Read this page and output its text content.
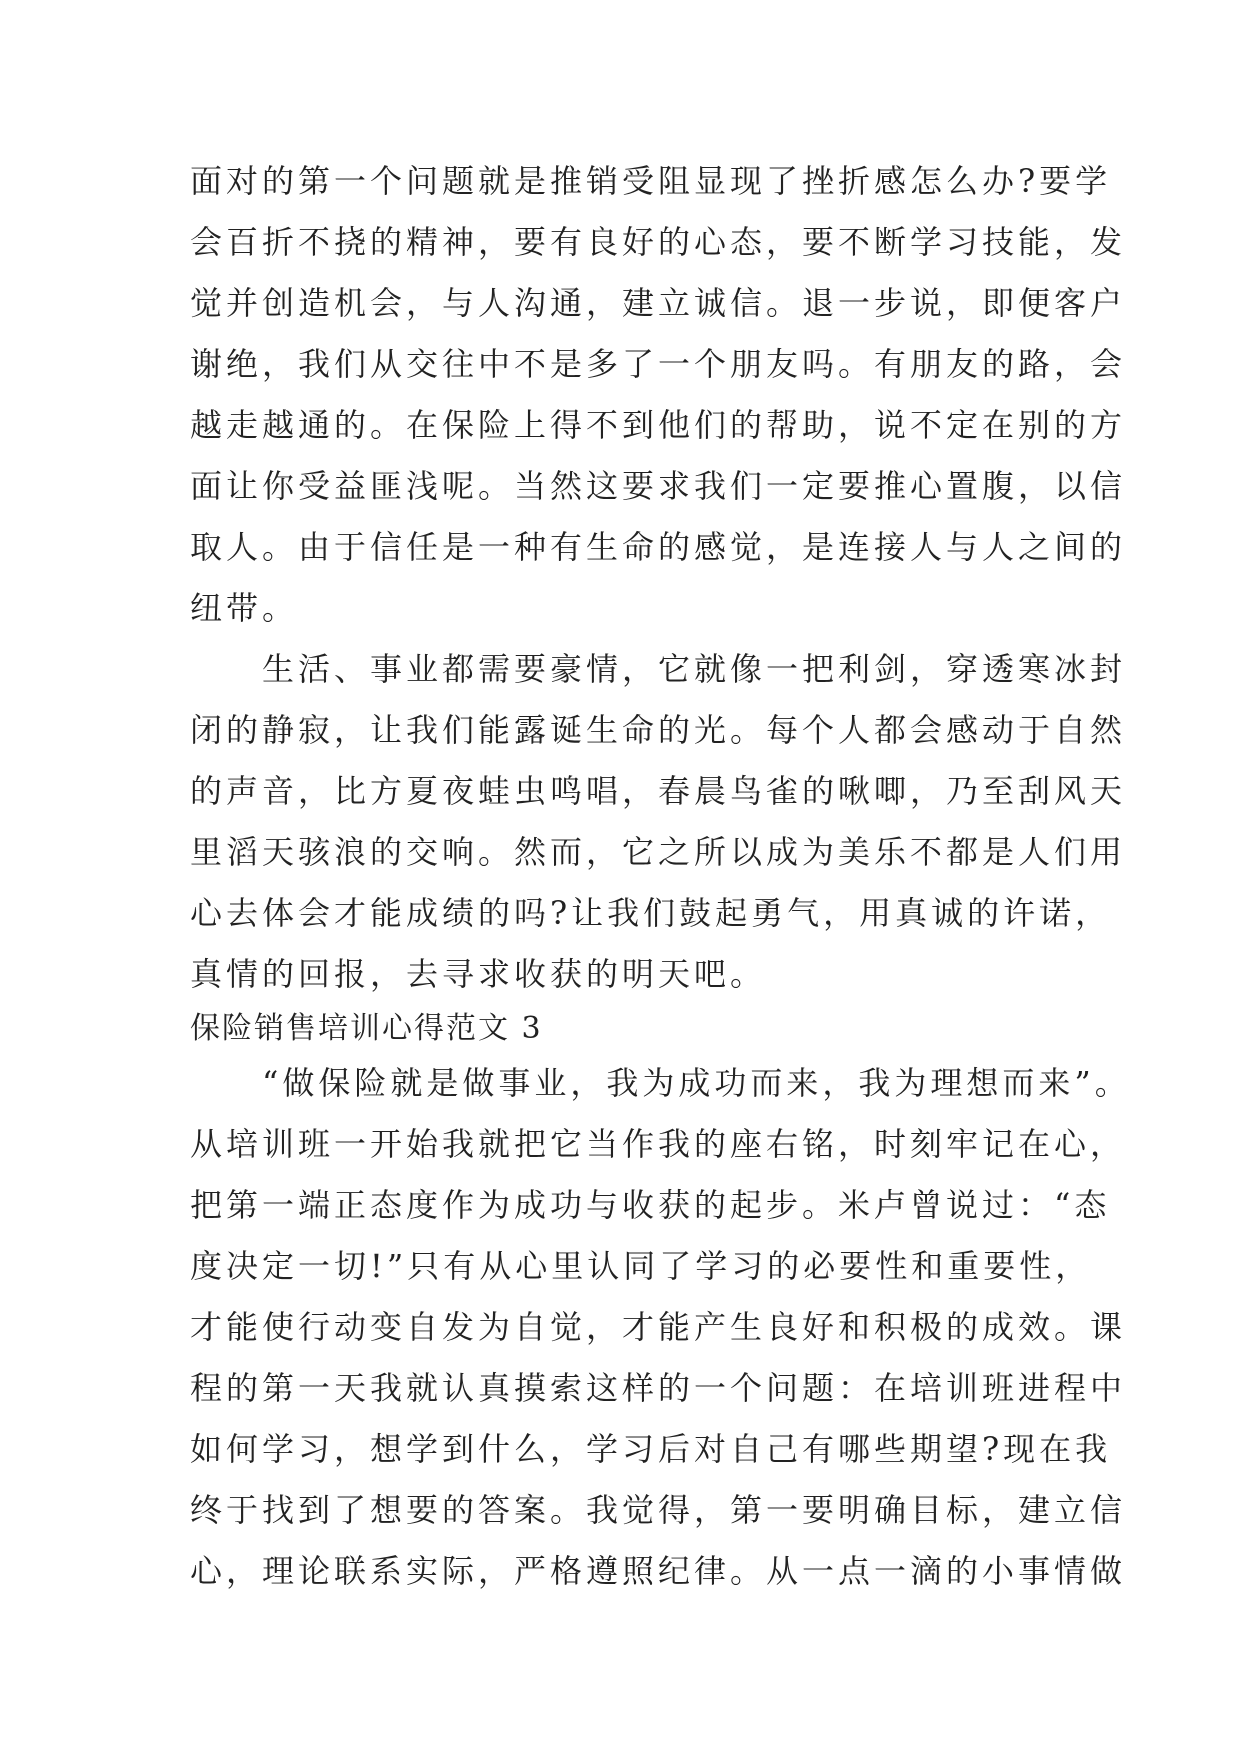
面对的第一个问题就是推销受阻显现了挫折感怎么办?要学
会百折不挠的精神，要有良好的心态，要不断学习技能，发
觉并创造机会，与人沟通，建立诚信。退一步说，即便客户
谢绝，我们从交往中不是多了一个朋友吗。有朋友的路，会
越走越通的。在保险上得不到他们的帮助，说不定在别的方
面让你受益匪浅呢。当然这要求我们一定要推心置腹，以信
取人。由于信任是一种有生命的感觉，是连接人与人之间的
纽带。
　　生活、事业都需要豪情，它就像一把利剑，穿透寒冰封
闭的静寂，让我们能露诞生命的光。每个人都会感动于自然
的声音，比方夏夜蛙虫鸣唱，春晨鸟雀的啾唧，乃至刮风天
里滔天骇浪的交响。然而，它之所以成为美乐不都是人们用
心去体会才能成绩的吗?让我们鼓起勇气，用真诚的许诺，
真情的回报，去寻求收获的明天吧。
保险销售培训心得范文 3
　　“做保险就是做事业，我为成功而来，我为理想而来”。
从培训班一开始我就把它当作我的座右铭，时刻牢记在心，
把第一端正态度作为成功与收获的起步。米卢曾说过：“态
度决定一切!”只有从心里认同了学习的必要性和重要性，
才能使行动变自发为自觉，才能产生良好和积极的成效。课
程的第一天我就认真摸索这样的一个问题：在培训班进程中
如何学习，想学到什么，学习后对自己有哪些期望?现在我
终于找到了想要的答案。我觉得，第一要明确目标，建立信
心，理论联系实际，严格遵照纪律。从一点一滴的小事情做
